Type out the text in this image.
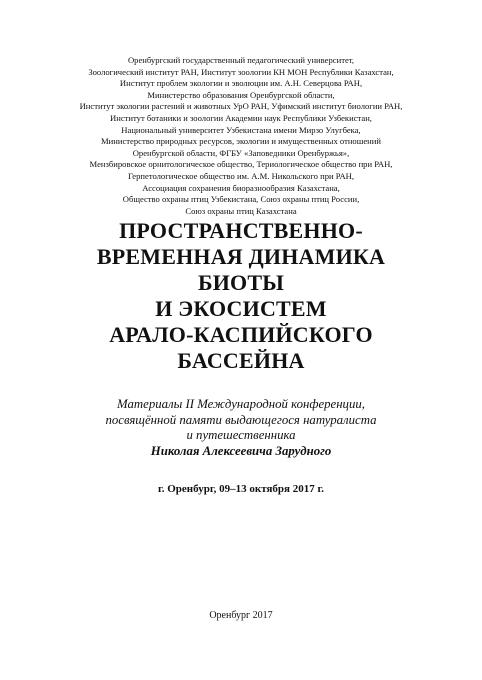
Оренбургский государственный педагогический университет,
Зоологический институт РАН, Институт зоологии КН МОН Республики Казахстан,
Институт проблем экологии и эволюции им. А.Н. Северцова РАН,
Министерство образования Оренбургской области,
Институт экологии растений и животных УрО РАН, Уфимский институт биологии РАН,
Институт ботаники и зоологии Академии наук Республики Узбекистан,
Национальный университет Узбекистана имени Мирзо Улугбека,
Министерство природных ресурсов, экологии и имущественных отношений
Оренбургской области, ФГБУ «Заповедники Оренбуржья»,
Мензбировское орнитологическое общество, Териологическое общество при РАН,
Герпетологическое общество им. А.М. Никольского при РАН,
Ассоциация сохранения биоразнообразия Казахстана,
Общество охраны птиц Узбекистана, Союз охраны птиц России,
Союз охраны птиц Казахстана
ПРОСТРАНСТВЕННО-
ВРЕМЕННАЯ ДИНАМИКА
БИОТЫ
И ЭКОСИСТЕМ
АРАЛО-КАСПИЙСКОГО
БАССЕЙНА
Материалы II Международной конференции,
посвящённой памяти выдающегося натуралиста
и путешественника
Николая Алексеевича Зарудного
г. Оренбург, 09–13 октября 2017 г.
Оренбург 2017
